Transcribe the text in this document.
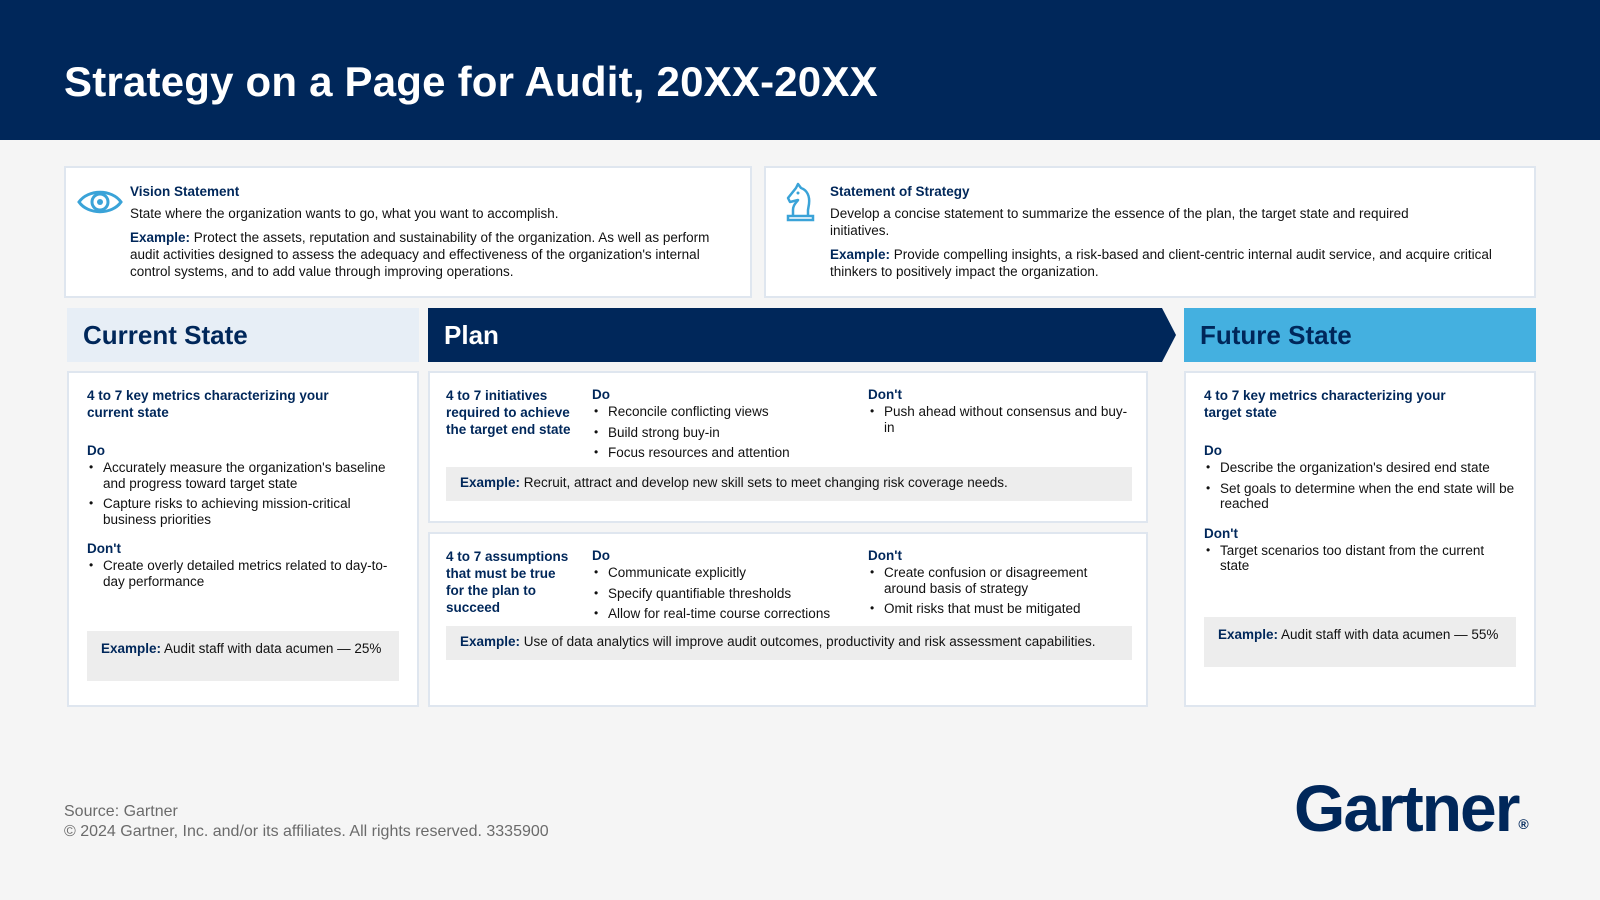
Strategy on a Page for Audit, 20XX-20XX
Vision Statement

State where the organization wants to go, what you want to accomplish.

Example: Protect the assets, reputation and sustainability of the organization. As well as perform audit activities designed to assess the adequacy and effectiveness of the organization's internal control systems, and to add value through improving operations.

Statement of Strategy

Develop a concise statement to summarize the essence of the plan, the target state and required initiatives.

Example: Provide compelling insights, a risk-based and client-centric internal audit service, and acquire critical thinkers to positively impact the organization.

Current State	Plan	Future State
4 to 7 key metrics characterizing your current state
Do
• Accurately measure the organization's baseline and progress toward target state
• Capture risks to achieving mission-critical business priorities
Don't
• Create overly detailed metrics related to day-to-day performance
Example: Audit staff with data acumen — 25%
4 to 7 initiatives required to achieve the target end state
Do
• Reconcile conflicting views
• Build strong buy-in
• Focus resources and attention
Don't
• Push ahead without consensus and buy-in
Example: Recruit, attract and develop new skill sets to meet changing risk coverage needs.
4 to 7 assumptions that must be true for the plan to succeed
Do
• Communicate explicitly
• Specify quantifiable thresholds
• Allow for real-time course corrections
Don't
• Create confusion or disagreement around basis of strategy
• Omit risks that must be mitigated
Example: Use of data analytics will improve audit outcomes, productivity and risk assessment capabilities.
4 to 7 key metrics characterizing your target state
Do
• Describe the organization's desired end state
• Set goals to determine when the end state will be reached
Don't
• Target scenarios too distant from the current state
Example: Audit staff with data acumen — 55%
Source: Gartner
© 2024 Gartner, Inc. and/or its affiliates. All rights reserved. 3335900	Gartner®
